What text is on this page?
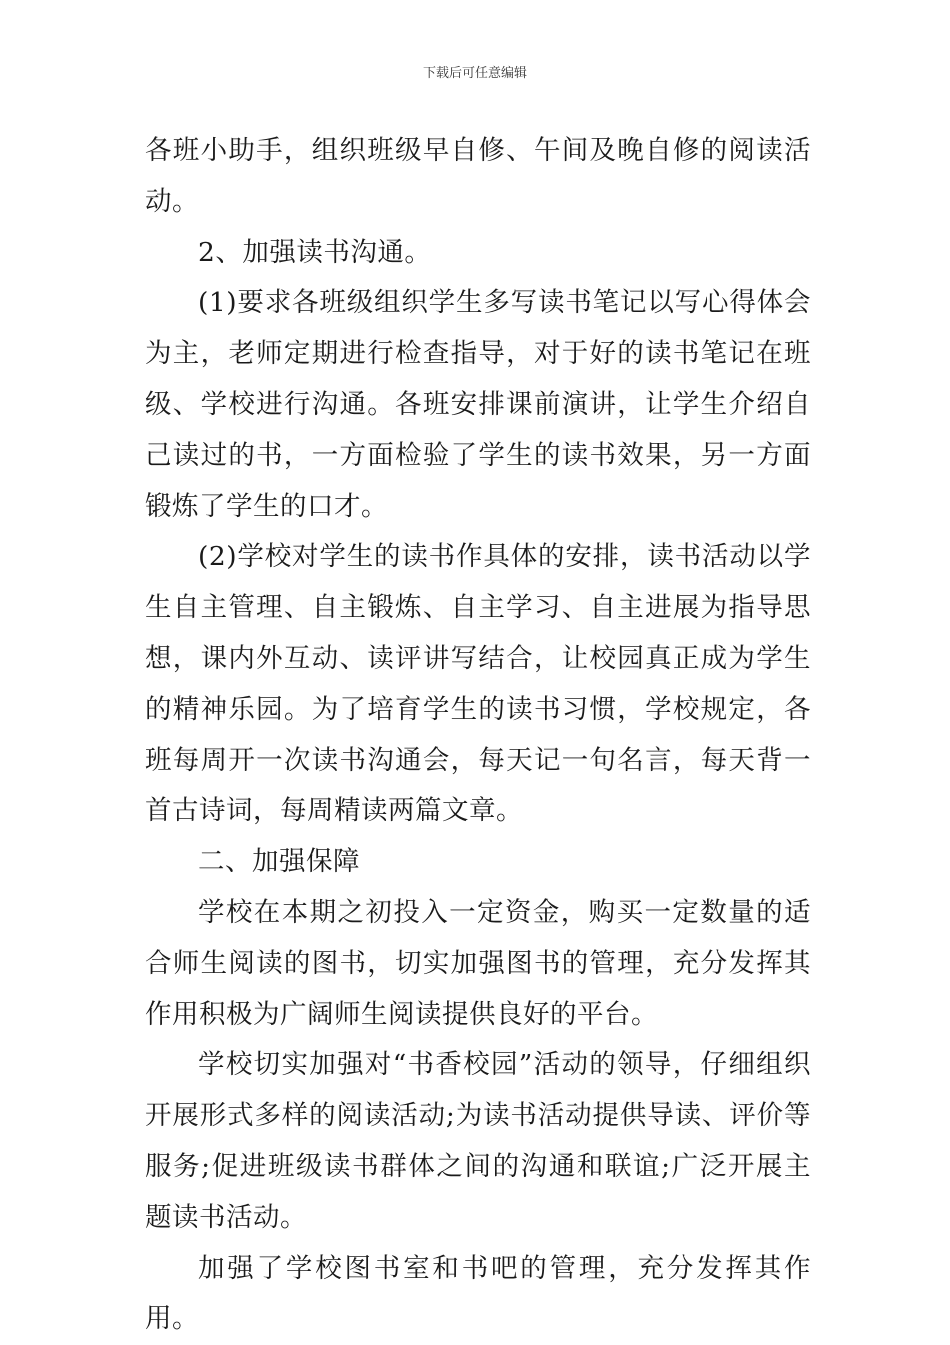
下载后可任意编辑

各班小助手，组织班级早自修、午间及晚自修的阅读活动。

2、加强读书沟通。

(1)要求各班级组织学生多写读书笔记以写心得体会为主，老师定期进行检查指导，对于好的读书笔记在班级、学校进行沟通。各班安排课前演讲，让学生介绍自己读过的书，一方面检验了学生的读书效果，另一方面锻炼了学生的口才。

(2)学校对学生的读书作具体的安排，读书活动以学生自主管理、自主锻炼、自主学习、自主进展为指导思想，课内外互动、读评讲写结合，让校园真正成为学生的精神乐园。为了培育学生的读书习惯，学校规定，各班每周开一次读书沟通会，每天记一句名言，每天背一首古诗词，每周精读两篇文章。

二、加强保障

学校在本期之初投入一定资金，购买一定数量的适合师生阅读的图书，切实加强图书的管理，充分发挥其作用积极为广阔师生阅读提供良好的平台。

学校切实加强对“书香校园”活动的领导，仔细组织开展形式多样的阅读活动;为读书活动提供导读、评价等服务;促进班级读书群体之间的沟通和联谊;广泛开展主题读书活动。

加强了学校图书室和书吧的管理，充分发挥其作用。
